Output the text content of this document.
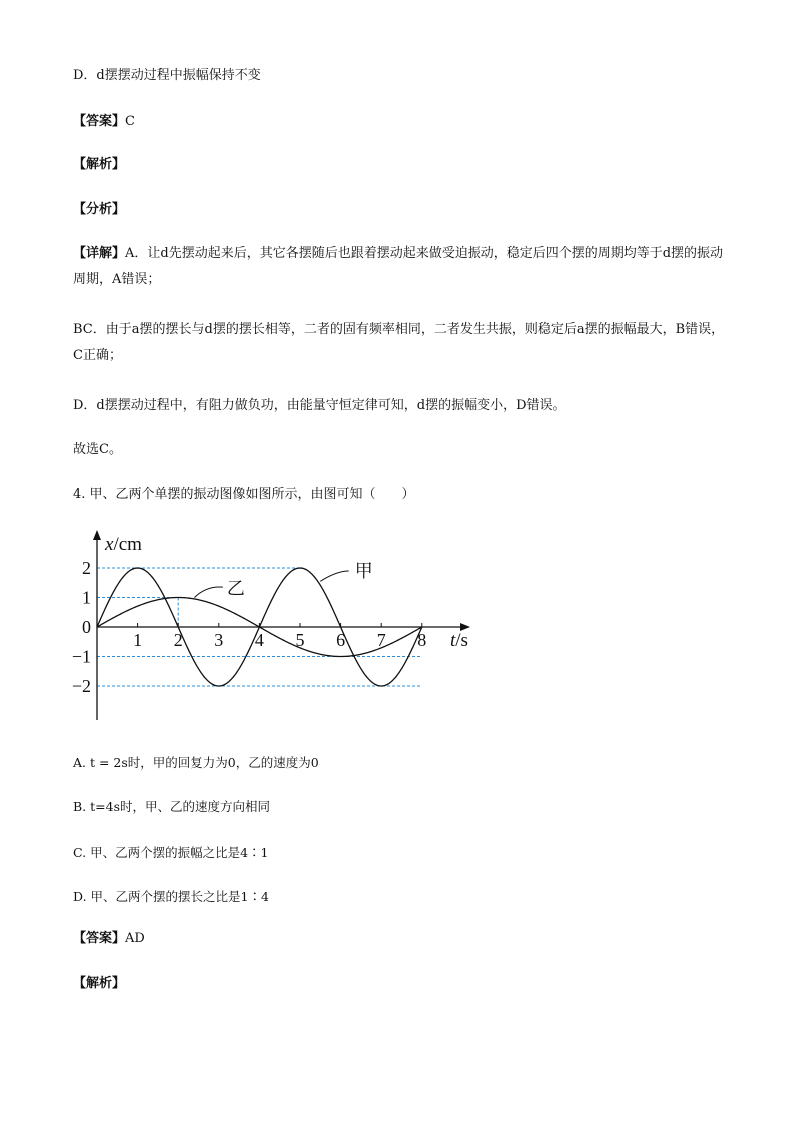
D．d摆摆动过程中振幅保持不变
【答案】C
【解析】
【分析】
【详解】A．让d先摆动起来后，其它各摆随后也跟着摆动起来做受迫振动，稳定后四个摆的周期均等于d摆的振动周期，A错误；
BC．由于a摆的摆长与d摆的摆长相等，二者的固有频率相同，二者发生共振，则稳定后a摆的振幅最大，B错误，C正确；
D．d摆摆动过程中，有阻力做负功，由能量守恒定律可知，d摆的振幅变小，D错误。
故选C。
4. 甲、乙两个单摆的振动图像如图所示，由图可知（　　）
甲
乙
1 2 3 4 5 6 7 8
2
1
0
−1
−2
x/cm
t/s
A. t = 2s时，甲的回复力为0，乙的速度为0
B. t=4s时，甲、乙的速度方向相同
C. 甲、乙两个摆的振幅之比是4∶1
D. 甲、乙两个摆的摆长之比是1∶4
【答案】AD
【解析】
